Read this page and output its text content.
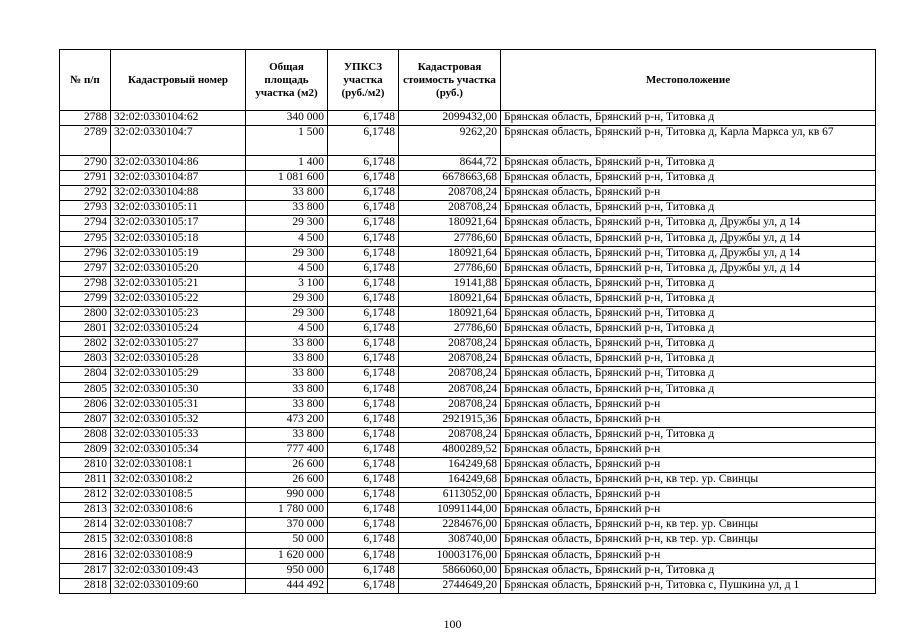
№ п/п	Кадастровый номер	Общая площадь участка (м2)	УПКСЗ участка (руб./м2)	Кадастровая стоимость участка (руб.)	Местоположение
2788	32:02:0330104:62	340 000	6,1748	2099432,00	Брянская область, Брянский р-н, Титовка д
2789	32:02:0330104:7	1 500	6,1748	9262,20	Брянская область, Брянский р-н, Титовка д, Карла Маркса ул, кв 67
2790	32:02:0330104:86	1 400	6,1748	8644,72	Брянская область, Брянский р-н, Титовка д
2791	32:02:0330104:87	1 081 600	6,1748	6678663,68	Брянская область, Брянский р-н, Титовка д
2792	32:02:0330104:88	33 800	6,1748	208708,24	Брянская область, Брянский р-н
2793	32:02:0330105:11	33 800	6,1748	208708,24	Брянская область, Брянский р-н, Титовка д
2794	32:02:0330105:17	29 300	6,1748	180921,64	Брянская область, Брянский р-н, Титовка д, Дружбы ул, д 14
2795	32:02:0330105:18	4 500	6,1748	27786,60	Брянская область, Брянский р-н, Титовка д, Дружбы ул, д 14
2796	32:02:0330105:19	29 300	6,1748	180921,64	Брянская область, Брянский р-н, Титовка д, Дружбы ул, д 14
2797	32:02:0330105:20	4 500	6,1748	27786,60	Брянская область, Брянский р-н, Титовка д, Дружбы ул, д 14
2798	32:02:0330105:21	3 100	6,1748	19141,88	Брянская область, Брянский р-н, Титовка д
2799	32:02:0330105:22	29 300	6,1748	180921,64	Брянская область, Брянский р-н, Титовка д
2800	32:02:0330105:23	29 300	6,1748	180921,64	Брянская область, Брянский р-н, Титовка д
2801	32:02:0330105:24	4 500	6,1748	27786,60	Брянская область, Брянский р-н, Титовка д
2802	32:02:0330105:27	33 800	6,1748	208708,24	Брянская область, Брянский р-н, Титовка д
2803	32:02:0330105:28	33 800	6,1748	208708,24	Брянская область, Брянский р-н, Титовка д
2804	32:02:0330105:29	33 800	6,1748	208708,24	Брянская область, Брянский р-н, Титовка д
2805	32:02:0330105:30	33 800	6,1748	208708,24	Брянская область, Брянский р-н, Титовка д
2806	32:02:0330105:31	33 800	6,1748	208708,24	Брянская область, Брянский р-н
2807	32:02:0330105:32	473 200	6,1748	2921915,36	Брянская область, Брянский р-н
2808	32:02:0330105:33	33 800	6,1748	208708,24	Брянская область, Брянский р-н, Титовка д
2809	32:02:0330105:34	777 400	6,1748	4800289,52	Брянская область, Брянский р-н
2810	32:02:0330108:1	26 600	6,1748	164249,68	Брянская область, Брянский р-н
2811	32:02:0330108:2	26 600	6,1748	164249,68	Брянская область, Брянский р-н, кв тер. ур. Свинцы
2812	32:02:0330108:5	990 000	6,1748	6113052,00	Брянская область, Брянский р-н
2813	32:02:0330108:6	1 780 000	6,1748	10991144,00	Брянская область, Брянский р-н
2814	32:02:0330108:7	370 000	6,1748	2284676,00	Брянская область, Брянский р-н, кв тер. ур. Свинцы
2815	32:02:0330108:8	50 000	6,1748	308740,00	Брянская область, Брянский р-н, кв тер. ур. Свинцы
2816	32:02:0330108:9	1 620 000	6,1748	10003176,00	Брянская область, Брянский р-н
2817	32:02:0330109:43	950 000	6,1748	5866060,00	Брянская область, Брянский р-н, Титовка д
2818	32:02:0330109:60	444 492	6,1748	2744649,20	Брянская область, Брянский р-н, Титовка с, Пушкина ул, д 1
100
